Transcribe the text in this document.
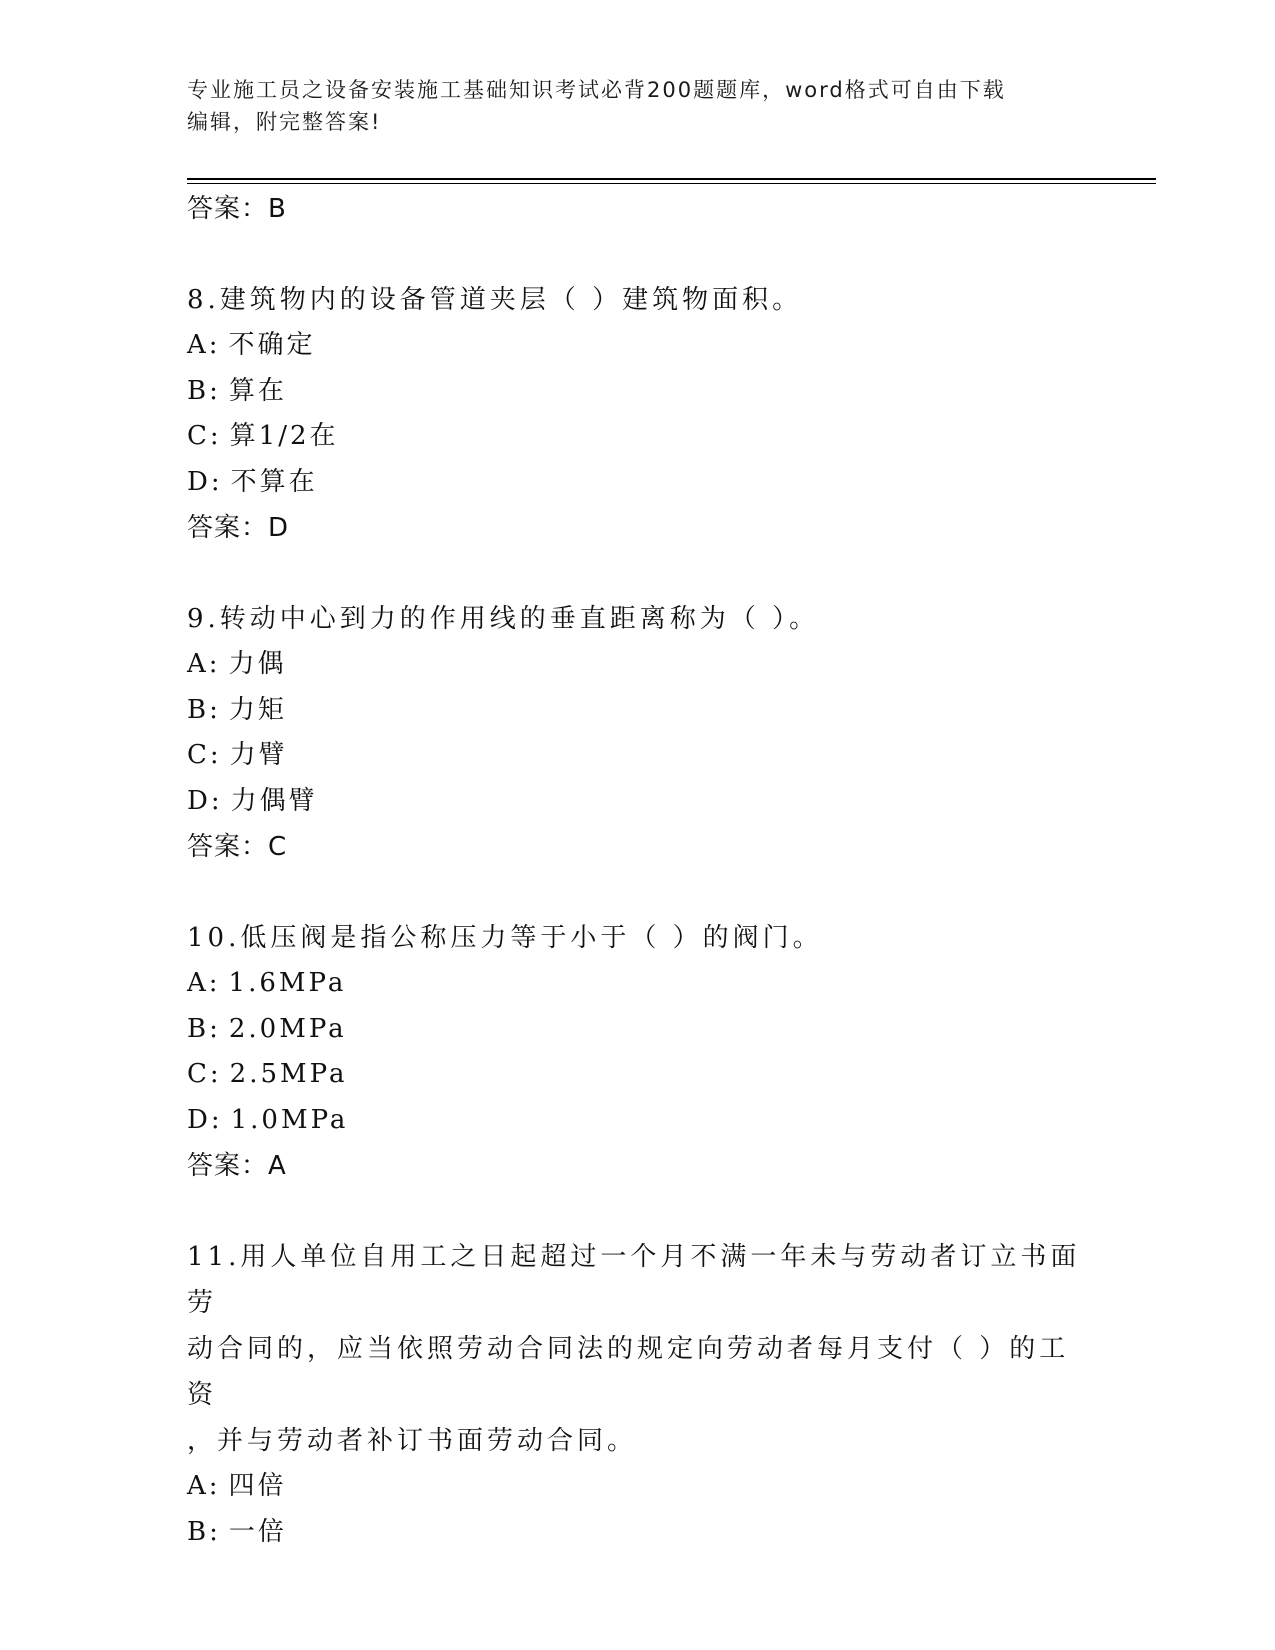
专业施工员之设备安装施工基础知识考试必背200题题库，word格式可自由下载
编辑，附完整答案!
答案：B
8.建筑物内的设备管道夹层（ ）建筑物面积。
A: 不确定
B: 算在
C: 算1/2在
D: 不算在
答案：D
9.转动中心到力的作用线的垂直距离称为（ ）。
A: 力偶
B: 力矩
C: 力臂
D: 力偶臂
答案：C
10.低压阀是指公称压力等于小于（ ）的阀门。
A: 1.6MPa
B: 2.0MPa
C: 2.5MPa
D: 1.0MPa
答案：A
11.用人单位自用工之日起超过一个月不满一年未与劳动者订立书面劳
动合同的，应当依照劳动合同法的规定向劳动者每月支付（ ）的工资
，并与劳动者补订书面劳动合同。
A: 四倍
B: 一倍
